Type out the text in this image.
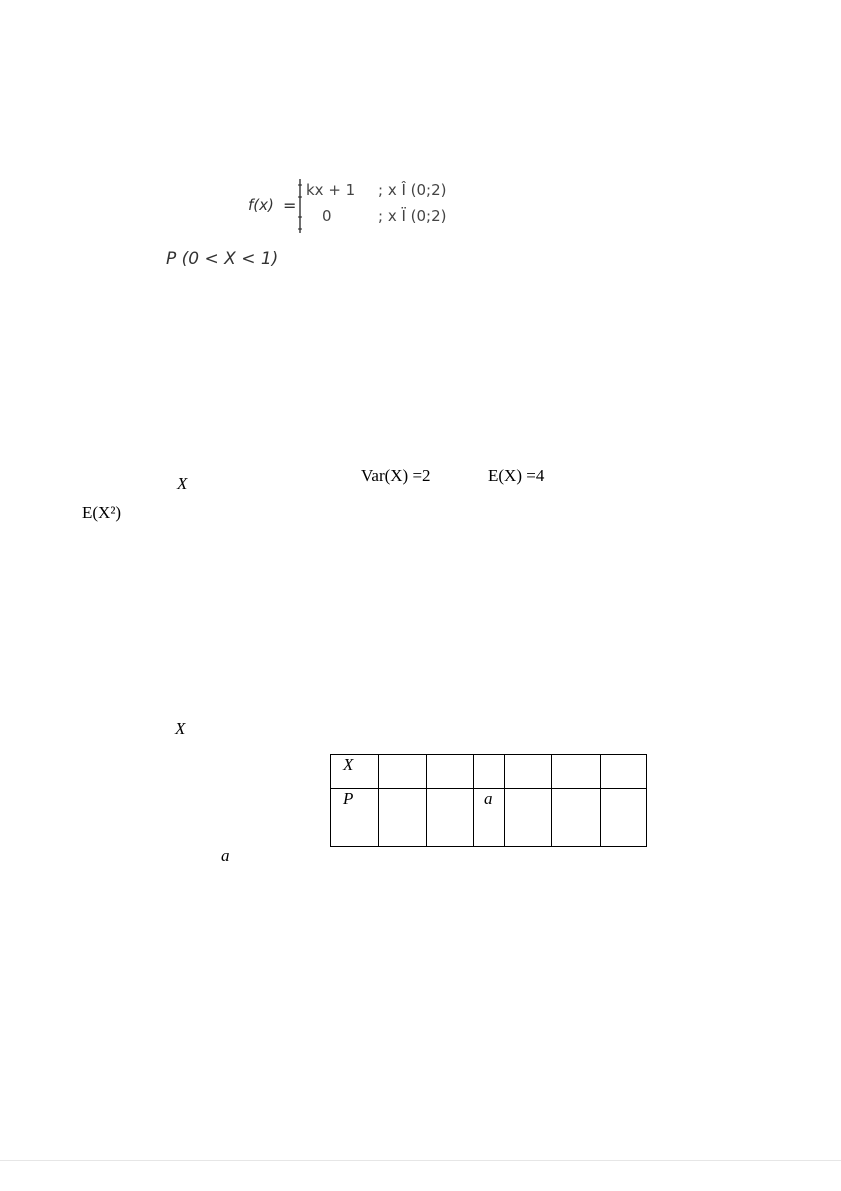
f(x) =
kx + 1 ; x Î (0;2)
0	; x Ï (0;2)
P (0 < X < 1)
X	Var(X) =2	E(X) =4
E(X²)
X
X						
P			a			
a
